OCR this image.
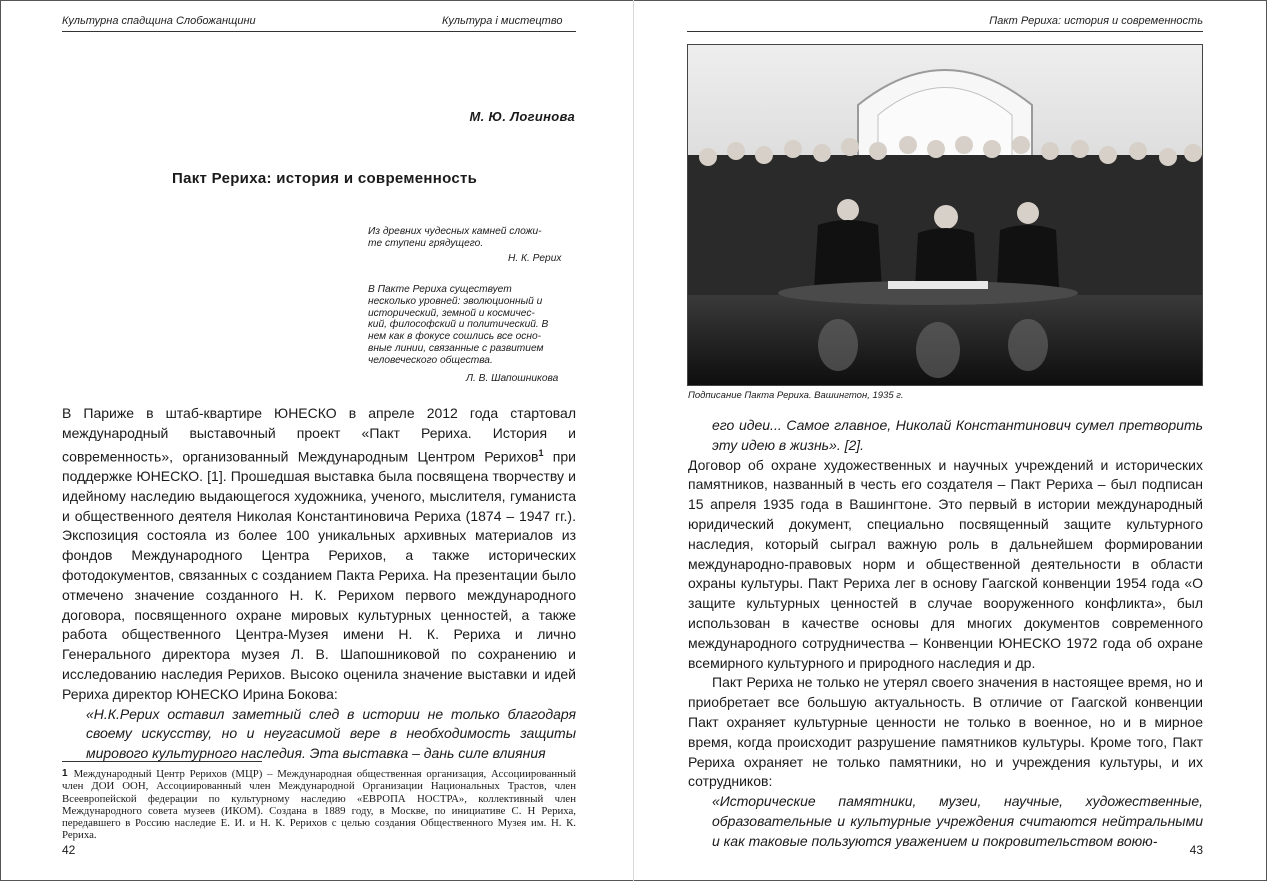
Культурна спадщина Слобожанщини	Культура і мистецтво
М. Ю. Логинова
Пакт Рериха: история и современность
Из древних чудесных камней сложи-
те ступени грядущего.
Н. К. Рерих
В Пакте Рериха существует
несколько уровней: эволюционный и
исторический, земной и космичес-
кий, философский и политический. В
нем как в фокусе сошлись все осно-
вные линии, связанные с развитием
человеческого общества.
Л. В. Шапошникова

В Париже в штаб-квартире ЮНЕСКО в апреле 2012 года стартовал международный выставочный проект «Пакт Рериха. История и современность», организованный Международным Центром Рерихов$^1$ при поддержке ЮНЕСКО. [1]. Прошедшая выставка была посвящена творчеству и идейному наследию выдающегося художника, ученого, мыслителя, гуманиста и общественного деятеля Николая Константиновича Рериха (1874 – 1947 гг.). Экспозиция состояла из более 100 уникальных архивных материалов из фондов Международного Центра Рерихов, а также исторических фотодокументов, связанных с созданием Пакта Рериха. На презентации было отмечено значение созданного Н. К. Рерихом первого международного договора, посвященного охране мировых культурных ценностей, а также работа общественного Центра-Музея имени Н. К. Рериха и лично Генерального директора музея Л. В. Шапошниковой по сохранению и исследованию наследия Рерихов. Высоко оценила значение выставки и идей Рериха директор ЮНЕСКО Ирина Бокова:

«Н.К.Рерих оставил заметный след в истории не только благодаря своему искусству, но и неугасимой вере в необходимость защиты мирового культурного наследия. Эта выставка – дань силе влияния

1 Международный Центр Рерихов (МЦР) – Международная общественная организация, Ассоциированный член ДОИ ООН, Ассоциированный член Международной Организации Национальных Трастов, член Всеевропейской федерации по культурному наследию «ЕВРОПА НОСТРА», коллективный член Международного совета музеев (ИКОМ). Создана в 1889 году, в Москве, по инициативе С. Н Рериха, передавшего в Россию наследие Е. И. и Н. К. Рерихов с целью создания Общественного Музея им. Н. К. Рериха.
42
Пакт Рериха: история и современность
Подписание Пакта Рериха. Вашингтон, 1935 г.

его идеи... Самое главное, Николай Константинович сумел претворить эту идею в жизнь». [2].

Договор об охране художественных и научных учреждений и исторических памятников, названный в честь его создателя – Пакт Рериха – был подписан 15 апреля 1935 года в Вашингтоне. Это первый в истории международный юридический документ, специально посвященный защите культурного наследия, который сыграл важную роль в дальнейшем формировании международно-правовых норм и общественной деятельности в области охраны культуры. Пакт Рериха лег в основу Гаагской конвенции 1954 года «О защите культурных ценностей в случае вооруженного конфликта», был использован в качестве основы для многих документов современного международного сотрудничества – Конвенции ЮНЕСКО 1972 года об охране всемирного культурного и природного наследия и др.

Пакт Рериха не только не утерял своего значения в настоящее время, но и приобретает все большую актуальность. В отличие от Гаагской конвенции Пакт охраняет культурные ценности не только в военное, но и в мирное время, когда происходит разрушение памятников культуры. Кроме того, Пакт Рериха охраняет не только памятники, но и учреждения культуры, и их сотрудников:

«Исторические памятники, музеи, научные, художественные, образовательные и культурные учреждения считаются нейтральными и как таковые пользуются уважением и покровительством воюю-

43
